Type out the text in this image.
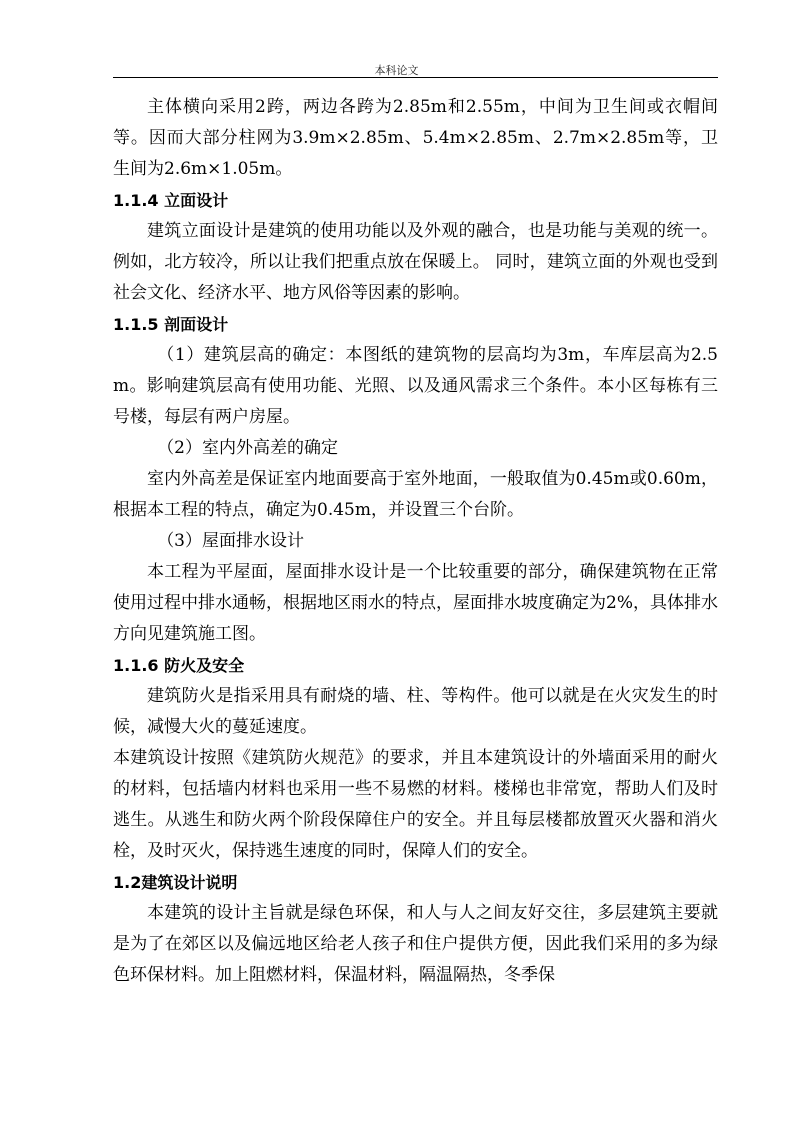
本科论文

主体横向采用2跨，两边各跨为2.85m和2.55m，中间为卫生间或衣帽间等。因而大部分柱网为3.9m×2.85m、5.4m×2.85m、2.7m×2.85m等，卫生间为2.6m×1.05m。

1.1.4 立面设计

建筑立面设计是建筑的使用功能以及外观的融合，也是功能与美观的统一。例如，北方较冷，所以让我们把重点放在保暖上。 同时，建筑立面的外观也受到社会文化、经济水平、地方风俗等因素的影响。

1.1.5 剖面设计

（1）建筑层高的确定：本图纸的建筑物的层高均为3m，车库层高为2.5m。影响建筑层高有使用功能、光照、以及通风需求三个条件。本小区每栋有三号楼，每层有两户房屋。

（2）室内外高差的确定

室内外高差是保证室内地面要高于室外地面，一般取值为0.45m或0.60m，根据本工程的特点，确定为0.45m，并设置三个台阶。

（3）屋面排水设计

本工程为平屋面，屋面排水设计是一个比较重要的部分，确保建筑物在正常使用过程中排水通畅，根据地区雨水的特点，屋面排水坡度确定为2%，具体排水方向见建筑施工图。

1.1.6 防火及安全

建筑防火是指采用具有耐烧的墙、柱、等构件。他可以就是在火灾发生的时候，减慢大火的蔓延速度。

本建筑设计按照《建筑防火规范》的要求，并且本建筑设计的外墙面采用的耐火的材料，包括墙内材料也采用一些不易燃的材料。楼梯也非常宽，帮助人们及时逃生。从逃生和防火两个阶段保障住户的安全。并且每层楼都放置灭火器和消火栓，及时灭火，保持逃生速度的同时，保障人们的安全。

1.2建筑设计说明

本建筑的设计主旨就是绿色环保，和人与人之间友好交往，多层建筑主要就是为了在郊区以及偏远地区给老人孩子和住户提供方便，因此我们采用的多为绿色环保材料。加上阻燃材料，保温材料，隔温隔热，冬季保
